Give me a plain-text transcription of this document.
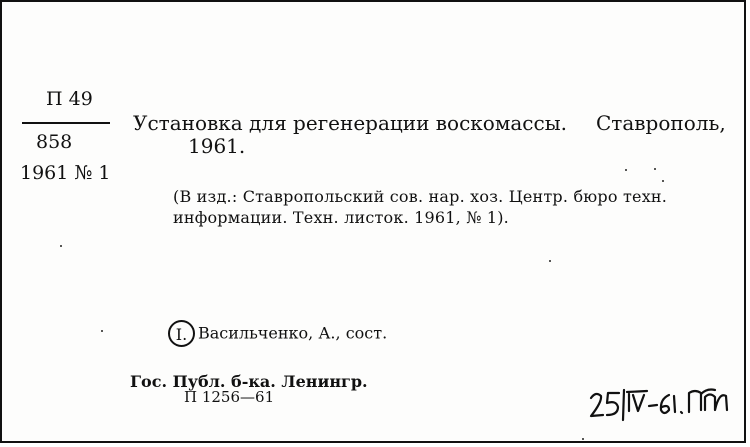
П 49
858
1961 № 1
Установка для регенерации воскомассы. Ставрополь,
1961.
(В изд.: Ставропольский сов. нар. хоз. Центр. бюро техн.
информации. Техн. листок. 1961, № 1).
I. Васильченко, А., сост.
Гос. Публ. б-ка. Ленингр.
П 1256—61
